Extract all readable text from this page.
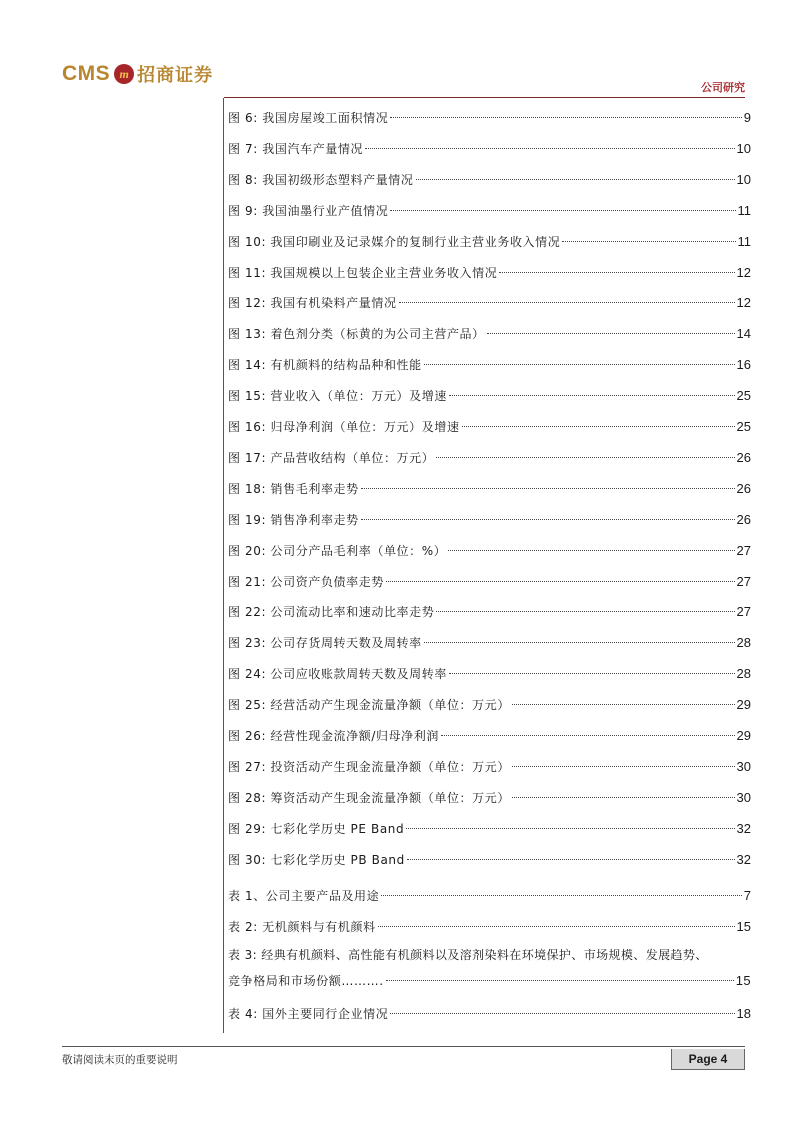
CMS m 招商证券
公司研究
图 6: 我国房屋竣工面积情况	9
图 7: 我国汽车产量情况	10
图 8: 我国初级形态塑料产量情况	10
图 9: 我国油墨行业产值情况	11
图 10: 我国印刷业及记录媒介的复制行业主营业务收入情况	11
图 11: 我国规模以上包装企业主营业务收入情况	12
图 12: 我国有机染料产量情况	12
图 13: 着色剂分类（标黄的为公司主营产品）	14
图 14: 有机颜料的结构品种和性能	16
图 15: 营业收入（单位：万元）及增速	25
图 16: 归母净利润（单位：万元）及增速	25
图 17: 产品营收结构（单位：万元）	26
图 18: 销售毛利率走势	26
图 19: 销售净利率走势	26
图 20: 公司分产品毛利率（单位：%）	27
图 21: 公司资产负债率走势	27
图 22: 公司流动比率和速动比率走势	27
图 23: 公司存货周转天数及周转率	28
图 24: 公司应收账款周转天数及周转率	28
图 25: 经营活动产生现金流量净额（单位：万元）	29
图 26: 经营性现金流净额/归母净利润	29
图 27: 投资活动产生现金流量净额（单位：万元）	30
图 28: 筹资活动产生现金流量净额（单位：万元）	30
图 29: 七彩化学历史 PE Band	32
图 30: 七彩化学历史 PB Band	32
表 1、公司主要产品及用途	7
表 2: 无机颜料与有机颜料	15
表 3: 经典有机颜料、高性能有机颜料以及溶剂染料在环境保护、市场规模、发展趋势、
竞争格局和市场份额……….	15
表 4: 国外主要同行企业情况	18
敬请阅读末页的重要说明	Page 4
